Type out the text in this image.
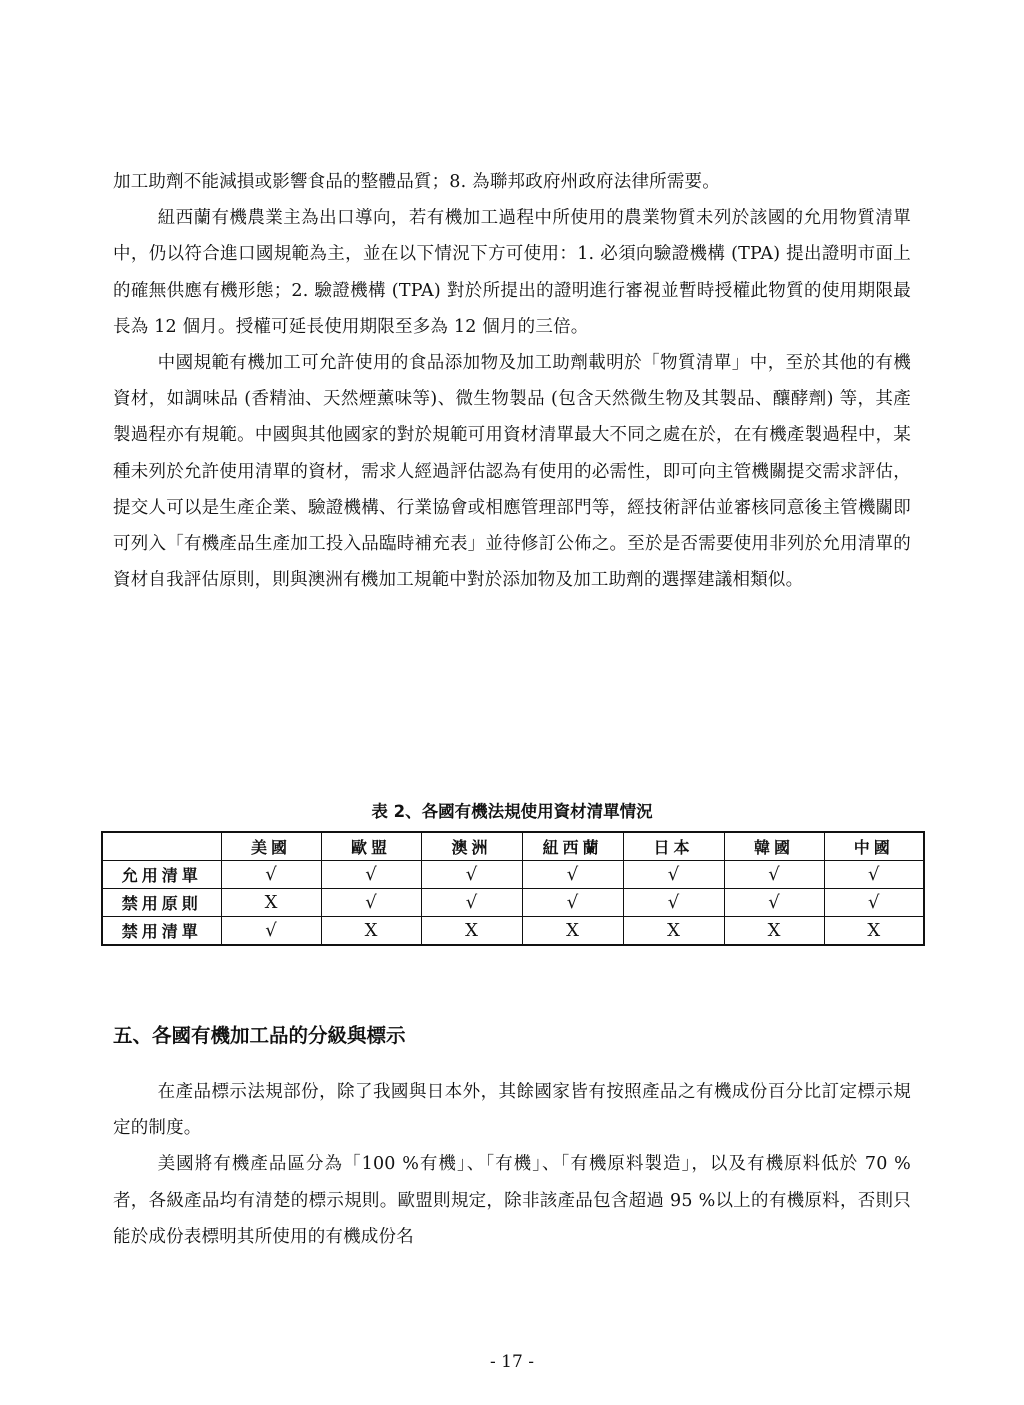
加工助劑不能減損或影響食品的整體品質；8. 為聯邦政府州政府法律所需要。

紐西蘭有機農業主為出口導向，若有機加工過程中所使用的農業物質未列於該國的允用物質清單中，仍以符合進口國規範為主，並在以下情況下方可使用：1. 必須向驗證機構 (TPA) 提出證明市面上的確無供應有機形態；2. 驗證機構 (TPA) 對於所提出的證明進行審視並暫時授權此物質的使用期限最長為 12 個月。授權可延長使用期限至多為 12 個月的三倍。

中國規範有機加工可允許使用的食品添加物及加工助劑載明於「物質清單」中，至於其他的有機資材，如調味品 (香精油、天然煙薰味等)、微生物製品 (包含天然微生物及其製品、釀酵劑) 等，其產製過程亦有規範。中國與其他國家的對於規範可用資材清單最大不同之處在於，在有機產製過程中，某種未列於允許使用清單的資材，需求人經過評估認為有使用的必需性，即可向主管機關提交需求評估，提交人可以是生產企業、驗證機構、行業協會或相應管理部門等，經技術評估並審核同意後主管機關即可列入「有機產品生產加工投入品臨時補充表」並待修訂公佈之。至於是否需要使用非列於允用清單的資材自我評估原則，則與澳洲有機加工規範中對於添加物及加工助劑的選擇建議相類似。

表 2、各國有機法規使用資材清單情況
	美國	歐盟	澳洲	紐西蘭	日本	韓國	中國
允用清單	√	√	√	√	√	√	√
禁用原則	X	√	√	√	√	√	√
禁用清單	√	X	X	X	X	X	X
五、各國有機加工品的分級與標示

在產品標示法規部份，除了我國與日本外，其餘國家皆有按照產品之有機成份百分比訂定標示規定的制度。

美國將有機產品區分為「100 %有機」、「有機」、「有機原料製造」，以及有機原料低於 70 %者，各級產品均有清楚的標示規則。歐盟則規定，除非該產品包含超過 95 %以上的有機原料，否則只能於成份表標明其所使用的有機成份名

- 17 -
